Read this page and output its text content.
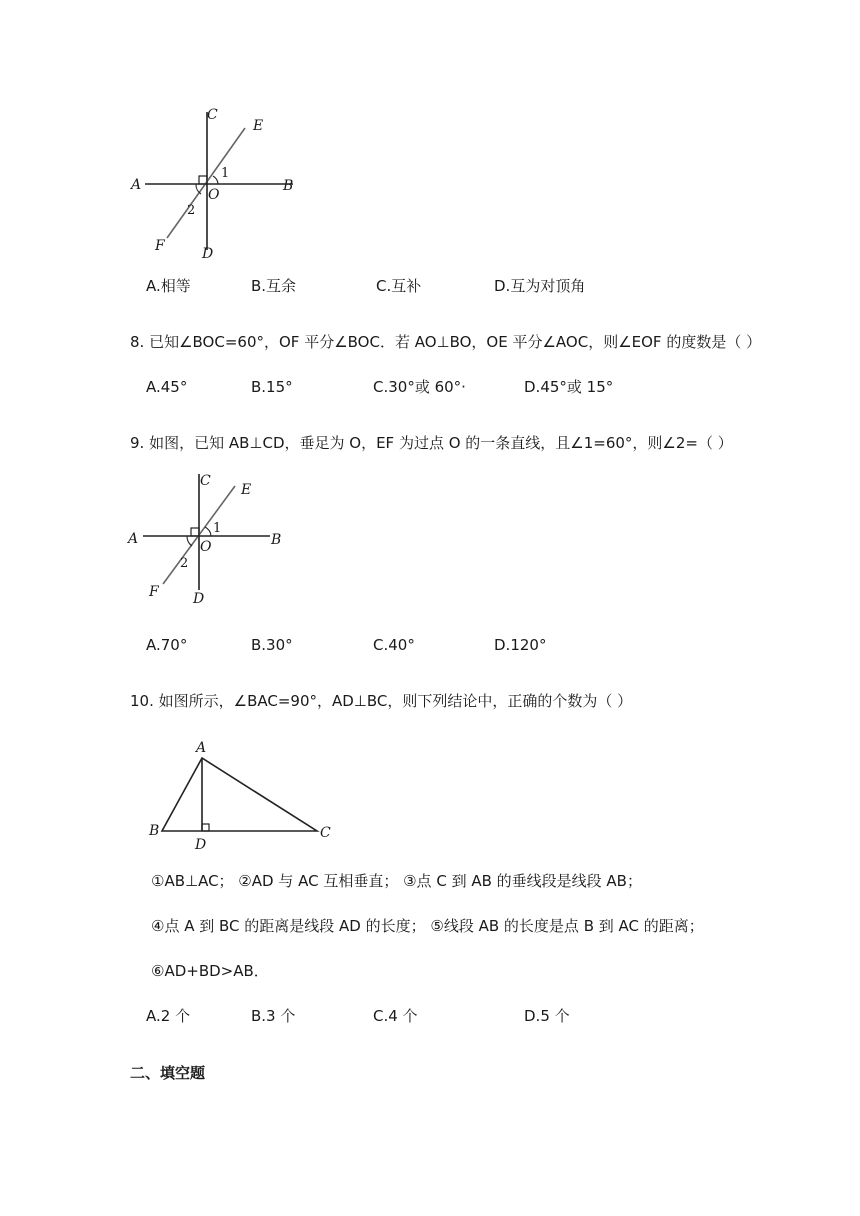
A	B
C
D
E
F
O
1
2
A.相等	B.互余	C.互补	D.互为对顶角
8. 已知∠BOC=60°，OF 平分∠BOC．若 AO⊥BO，OE 平分∠AOC，则∠EOF 的度数是（ ）
A.45°	B.15°	C.30°或 60°·	D.45°或 15°
9. 如图，已知 AB⊥CD，垂足为 O，EF 为过点 O 的一条直线，且∠1=60°，则∠2=（ ）
A	B
C
D
E
F
O
1
2
A.70°	B.30°	C.40°	D.120°
10. 如图所示，∠BAC=90°，AD⊥BC，则下列结论中，正确的个数为（ ）
A
B	C
D
①AB⊥AC； ②AD 与 AC 互相垂直； ③点 C 到 AB 的垂线段是线段 AB；
④点 A 到 BC 的距离是线段 AD 的长度； ⑤线段 AB 的长度是点 B 到 AC 的距离；
⑥AD+BD>AB．
A.2 个	B.3 个	C.4 个	D.5 个
二、填空题
